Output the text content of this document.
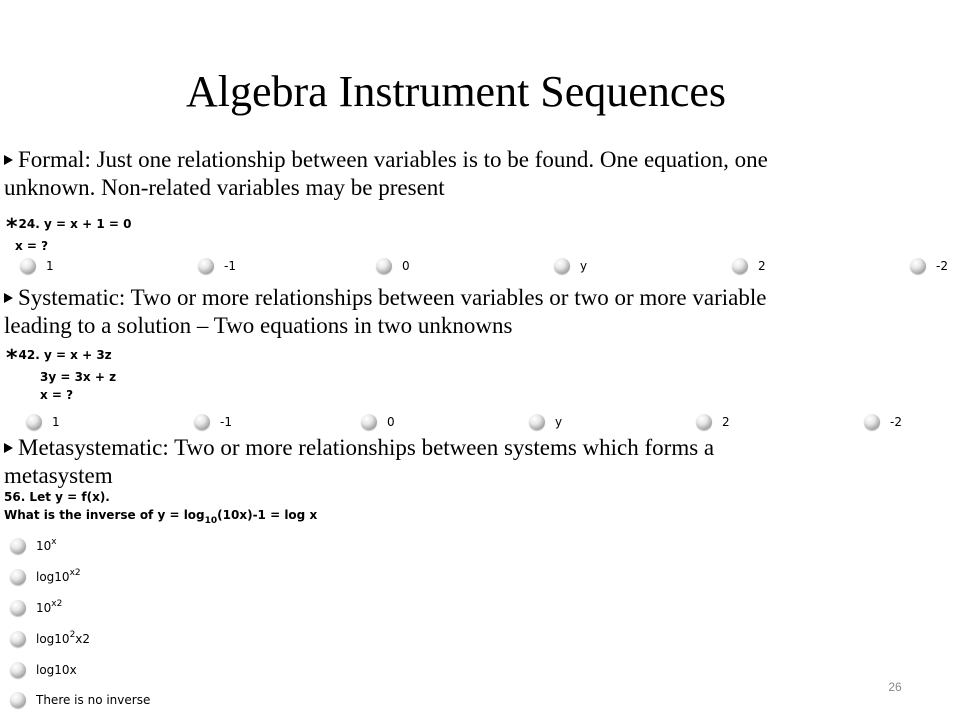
Algebra Instrument Sequences
Formal: Just one relationship between variables is to be found. One equation, one
unknown. Non-related variables may be present
*24. y = x + 1 = 0
x = ?
1	-1	0	y	2	-2
Systematic: Two or more relationships between variables or two or more variable
leading to a solution – Two equations in two unknowns
*42. y = x + 3z
3y = 3x + z
x = ?
1	-1	0	y	2	-2
Metasystematic: Two or more relationships between systems which forms a
metasystem
56. Let y = f(x).
What is the inverse of $y = \log_{10}(10x)-1 = \log x$
10$^x$
$\log 10^{x2}$
$10^{x2}$
$\log 10^2x2$
log10x
There is no inverse
26
